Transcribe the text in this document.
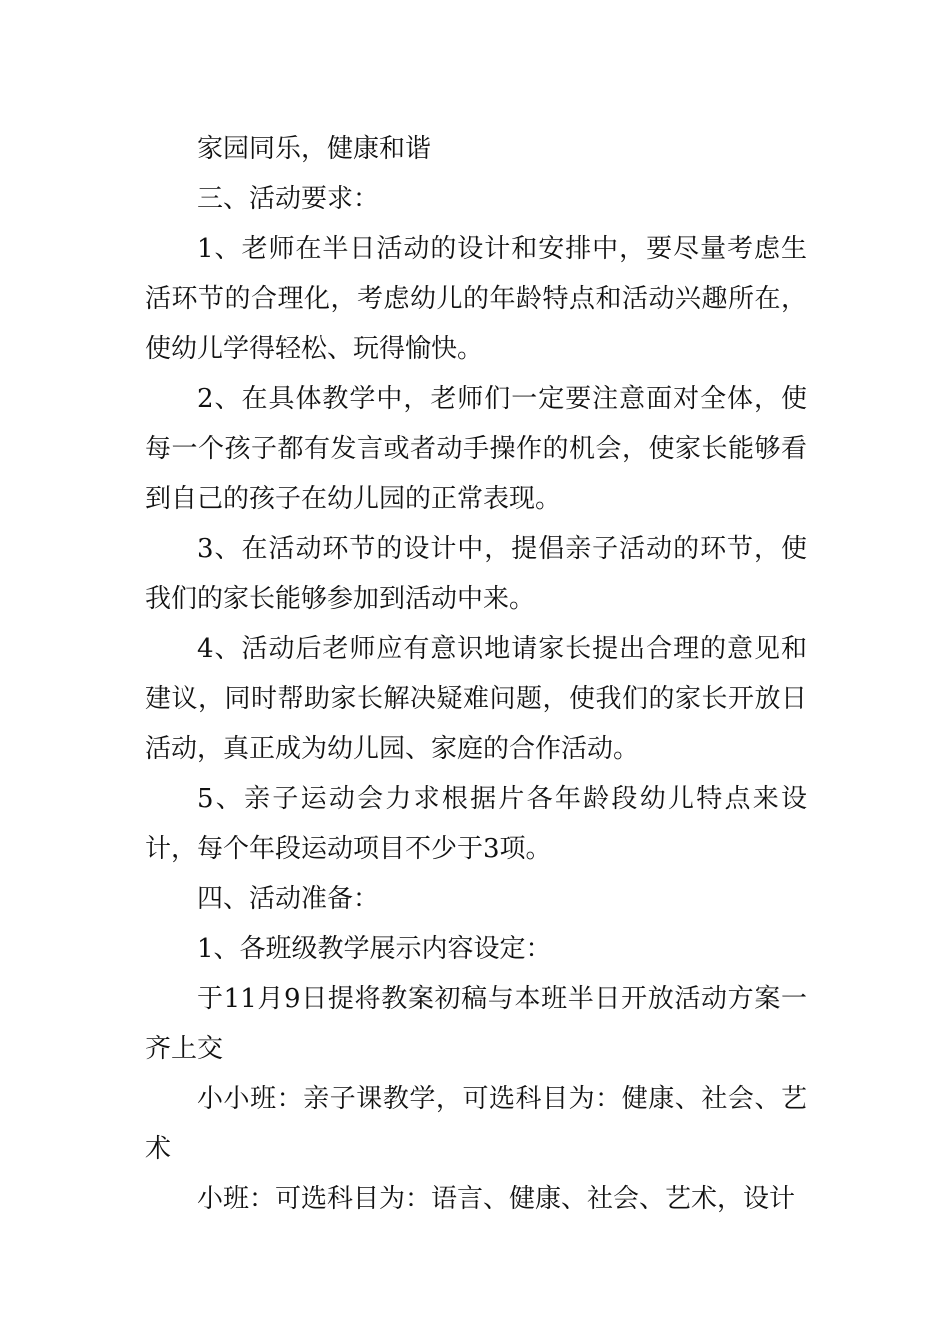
家园同乐，健康和谐

三、活动要求：

1、老师在半日活动的设计和安排中，要尽量考虑生活环节的合理化，考虑幼儿的年龄特点和活动兴趣所在，使幼儿学得轻松、玩得愉快。

2、在具体教学中，老师们一定要注意面对全体，使每一个孩子都有发言或者动手操作的机会，使家长能够看到自己的孩子在幼儿园的正常表现。

3、在活动环节的设计中，提倡亲子活动的环节，使我们的家长能够参加到活动中来。

4、活动后老师应有意识地请家长提出合理的意见和建议，同时帮助家长解决疑难问题，使我们的家长开放日活动，真正成为幼儿园、家庭的合作活动。

5、亲子运动会力求根据片各年龄段幼儿特点来设计，每个年段运动项目不少于3项。

四、活动准备：

1、各班级教学展示内容设定：

于11月9日提将教案初稿与本班半日开放活动方案一齐上交

小小班：亲子课教学，可选科目为：健康、社会、艺术

小班：可选科目为：语言、健康、社会、艺术，设计
